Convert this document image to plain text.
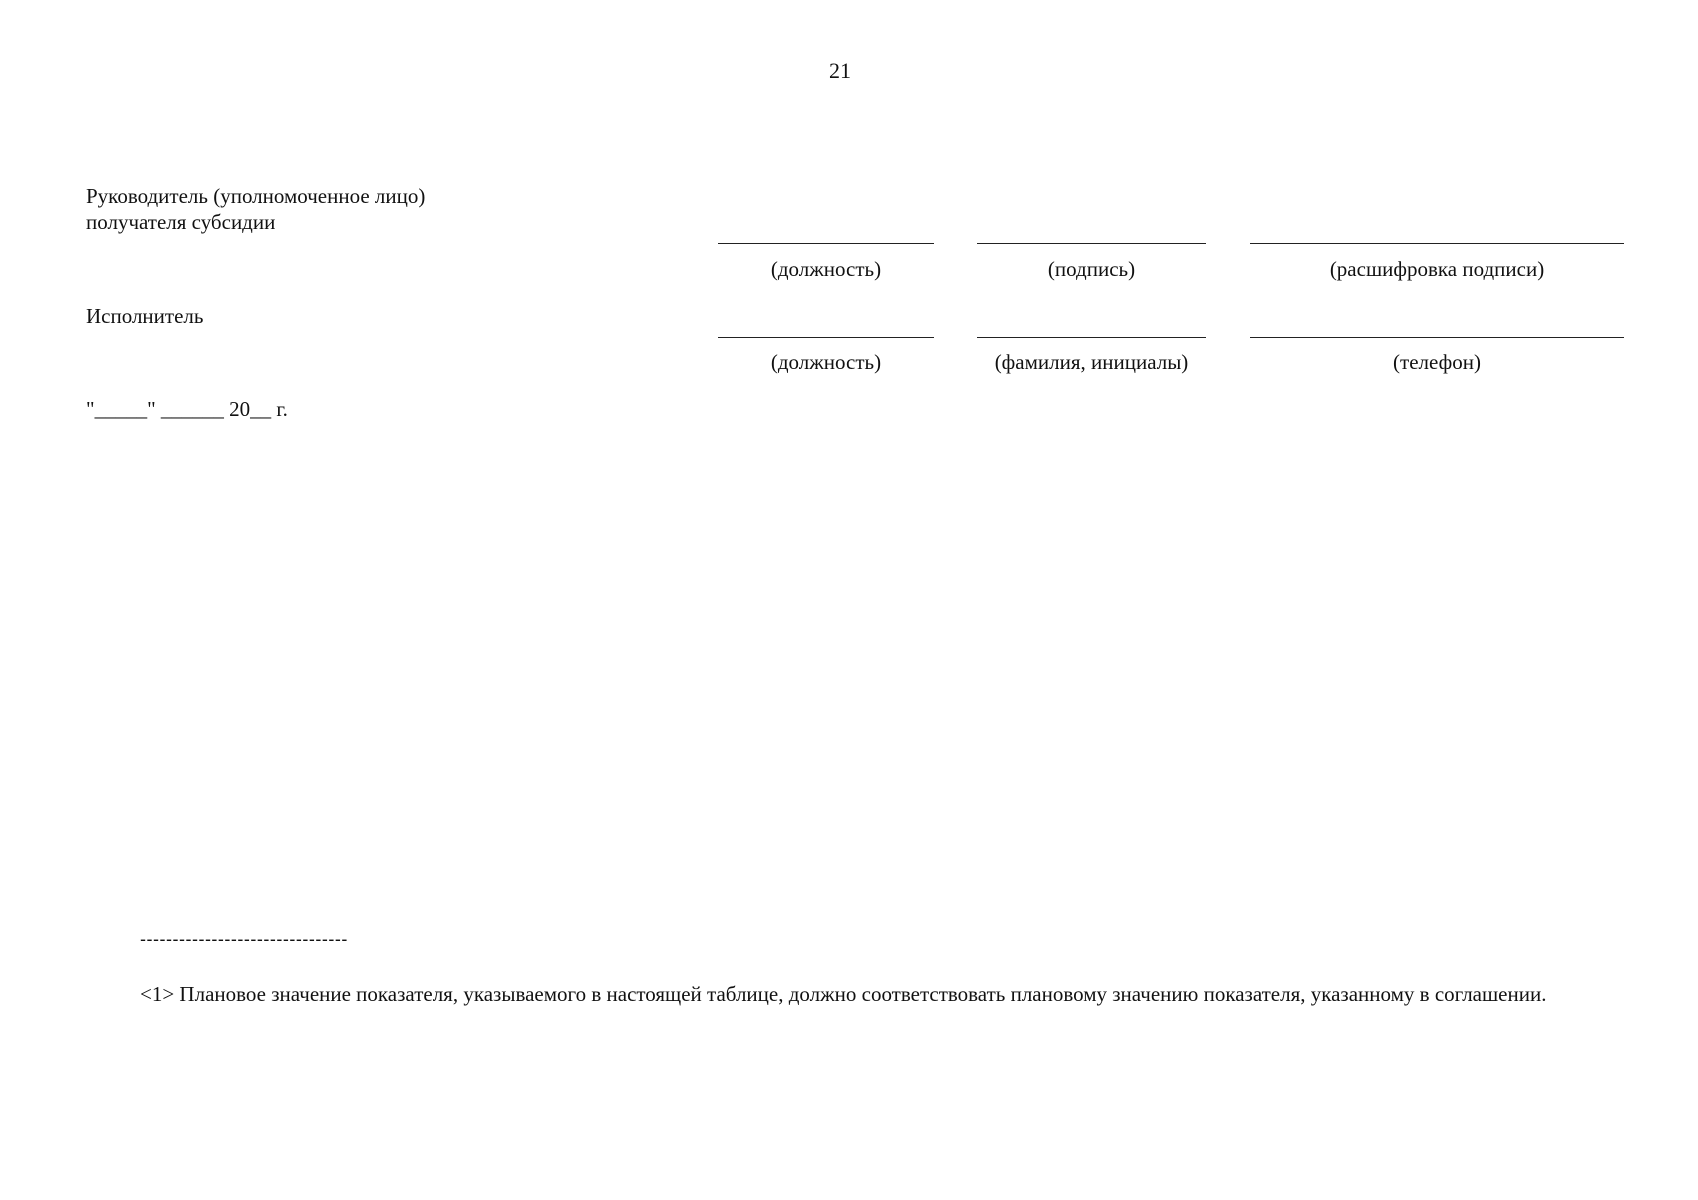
21
Руководитель (уполномоченное лицо)
получателя субсидии
(должность)	(подпись)	(расшифровка подписи)
Исполнитель
(должность)	(фамилия, инициалы)	(телефон)
"_____" ______ 20__ г.
--------------------------------
<1> Плановое значение показателя, указываемого в настоящей таблице, должно соответствовать плановому значению показателя, указанному в соглашении.
